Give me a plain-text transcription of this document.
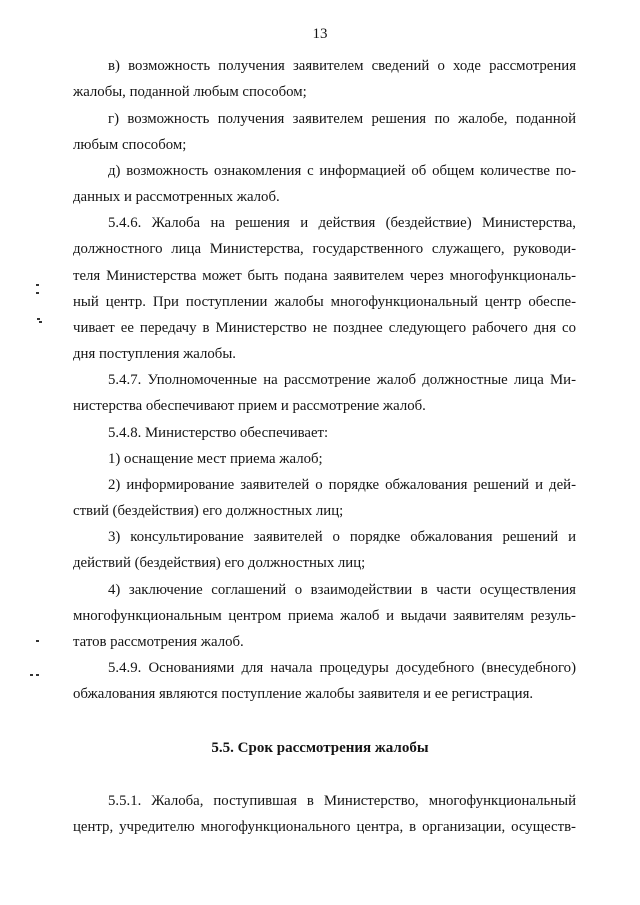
13
в) возможность получения заявителем сведений о ходе рассмотрения
жалобы, поданной любым способом;
г) возможность получения заявителем решения по жалобе, поданной
любым способом;
д) возможность ознакомления с информацией об общем количестве по-
данных и рассмотренных жалоб.
5.4.6. Жалоба на решения и действия (бездействие) Министерства,
должностного лица Министерства, государственного служащего, руководи-
теля Министерства может быть подана заявителем через многофункциональ-
ный центр. При поступлении жалобы многофункциональный центр обеспе-
чивает ее передачу в Министерство не позднее следующего рабочего дня со
дня поступления жалобы.
5.4.7. Уполномоченные на рассмотрение жалоб должностные лица Ми-
нистерства обеспечивают прием и рассмотрение жалоб.
5.4.8. Министерство обеспечивает:
1) оснащение мест приема жалоб;
2) информирование заявителей о порядке обжалования решений и дей-
ствий (бездействия) его должностных лиц;
3) консультирование заявителей о порядке обжалования решений и
действий (бездействия) его должностных лиц;
4) заключение соглашений о взаимодействии в части осуществления
многофункциональным центром приема жалоб и выдачи заявителям резуль-
татов рассмотрения жалоб.
5.4.9. Основаниями для начала процедуры досудебного (внесудебного)
обжалования являются поступление жалобы заявителя и ее регистрация.
5.5. Срок рассмотрения жалобы
5.5.1. Жалоба, поступившая в Министерство, многофункциональный
центр, учредителю многофункционального центра, в организации, осуществ-
